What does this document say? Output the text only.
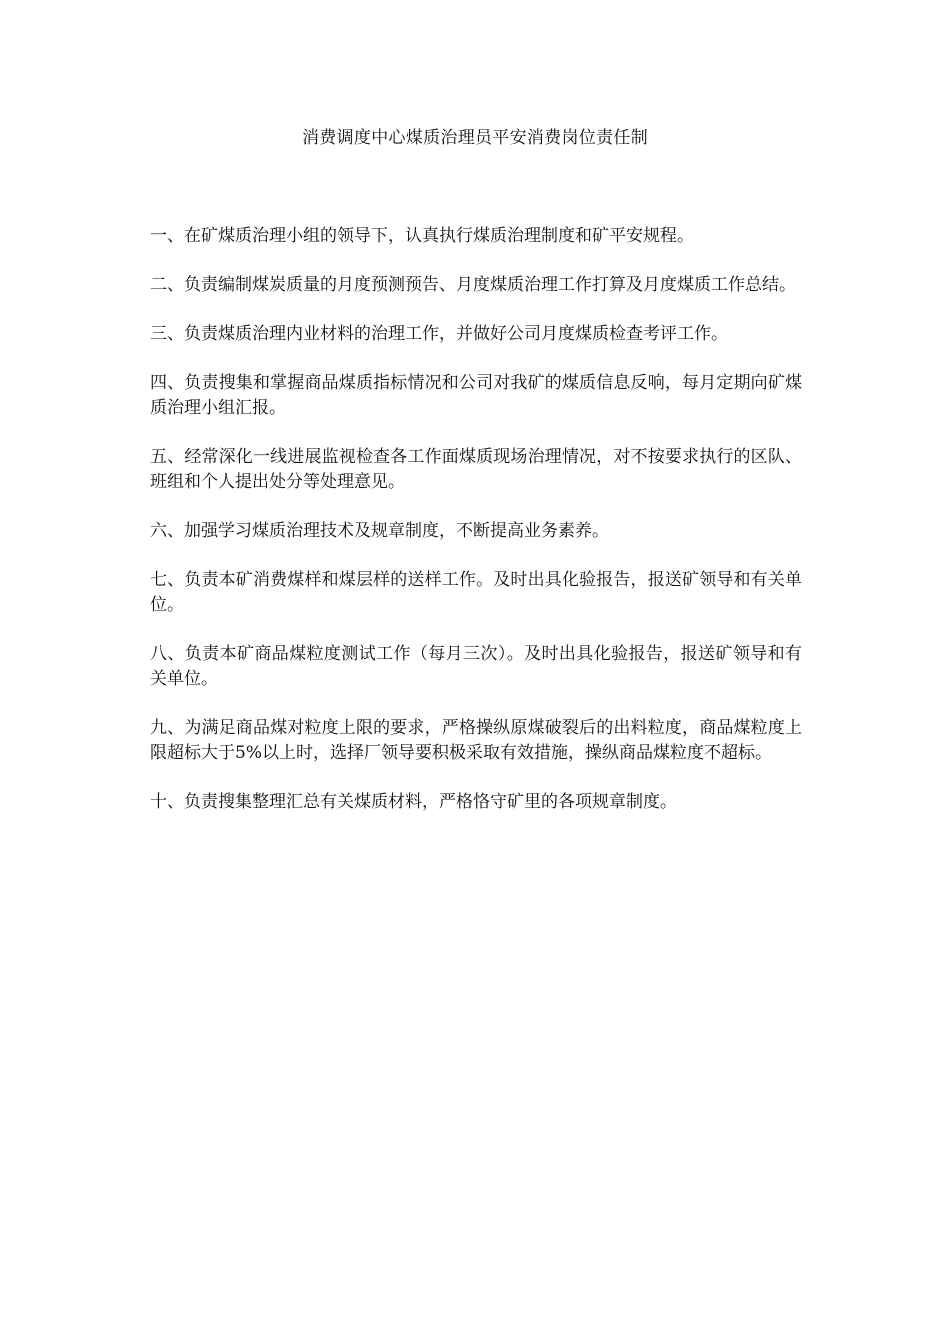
消费调度中心煤质治理员平安消费岗位责任制

一、在矿煤质治理小组的领导下，认真执行煤质治理制度和矿平安规程。

二、负责编制煤炭质量的月度预测预告、月度煤质治理工作打算及月度煤质工作总结。

三、负责煤质治理内业材料的治理工作，并做好公司月度煤质检查考评工作。

四、负责搜集和掌握商品煤质指标情况和公司对我矿的煤质信息反响，每月定期向矿煤质治理小组汇报。

五、经常深化一线进展监视检查各工作面煤质现场治理情况，对不按要求执行的区队、班组和个人提出处分等处理意见。

六、加强学习煤质治理技术及规章制度，不断提高业务素养。

七、负责本矿消费煤样和煤层样的送样工作。及时出具化验报告，报送矿领导和有关单位。

八、负责本矿商品煤粒度测试工作（每月三次）。及时出具化验报告，报送矿领导和有关单位。

九、为满足商品煤对粒度上限的要求，严格操纵原煤破裂后的出料粒度，商品煤粒度上限超标大于5%以上时，选择厂领导要积极采取有效措施，操纵商品煤粒度不超标。

十、负责搜集整理汇总有关煤质材料，严格恪守矿里的各项规章制度。
